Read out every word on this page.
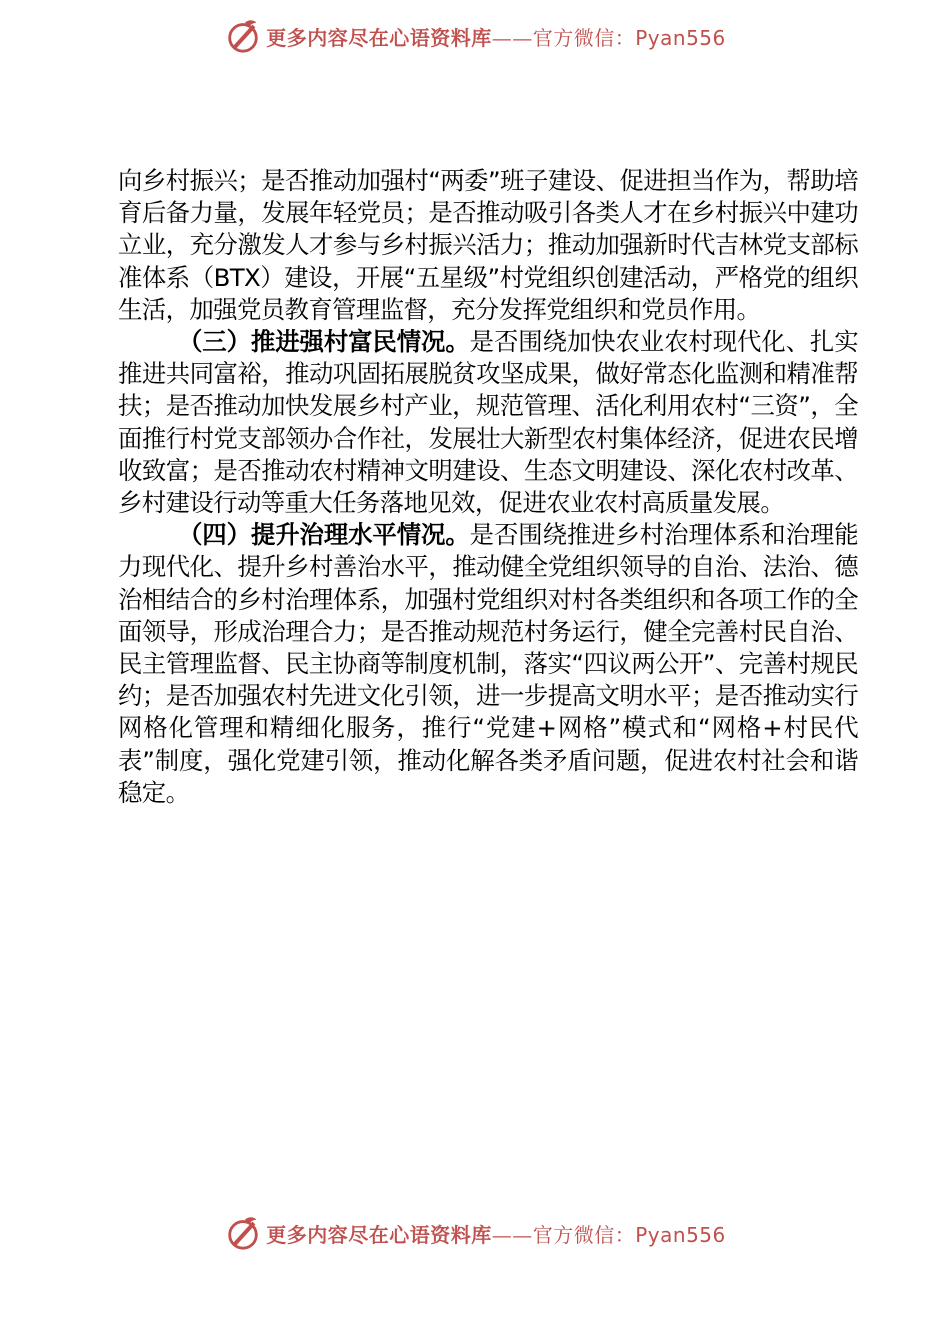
更多内容尽在心语资料库——官方微信：Pyan556

向乡村振兴；是否推动加强村“两委”班子建设、促进担当作为，帮助培育后备力量，发展年轻党员；是否推动吸引各类人才在乡村振兴中建功立业，充分激发人才参与乡村振兴活力；推动加强新时代吉林党支部标准体系（BTX）建设，开展“五星级”村党组织创建活动，严格党的组织生活，加强党员教育管理监督，充分发挥党组织和党员作用。

（三）推进强村富民情况。是否围绕加快农业农村现代化、扎实推进共同富裕，推动巩固拓展脱贫攻坚成果，做好常态化监测和精准帮扶；是否推动加快发展乡村产业，规范管理、活化利用农村“三资”，全面推行村党支部领办合作社，发展壮大新型农村集体经济，促进农民增收致富；是否推动农村精神文明建设、生态文明建设、深化农村改革、乡村建设行动等重大任务落地见效，促进农业农村高质量发展。

（四）提升治理水平情况。是否围绕推进乡村治理体系和治理能力现代化、提升乡村善治水平，推动健全党组织领导的自治、法治、德治相结合的乡村治理体系，加强村党组织对村各类组织和各项工作的全面领导，形成治理合力；是否推动规范村务运行，健全完善村民自治、民主管理监督、民主协商等制度机制，落实“四议两公开”、完善村规民约；是否加强农村先进文化引领，进一步提高文明水平；是否推动实行网格化管理和精细化服务，推行“党建+网格”模式和“网格+村民代表”制度，强化党建引领，推动化解各类矛盾问题，促进农村社会和谐稳定。

更多内容尽在心语资料库——官方微信：Pyan556
